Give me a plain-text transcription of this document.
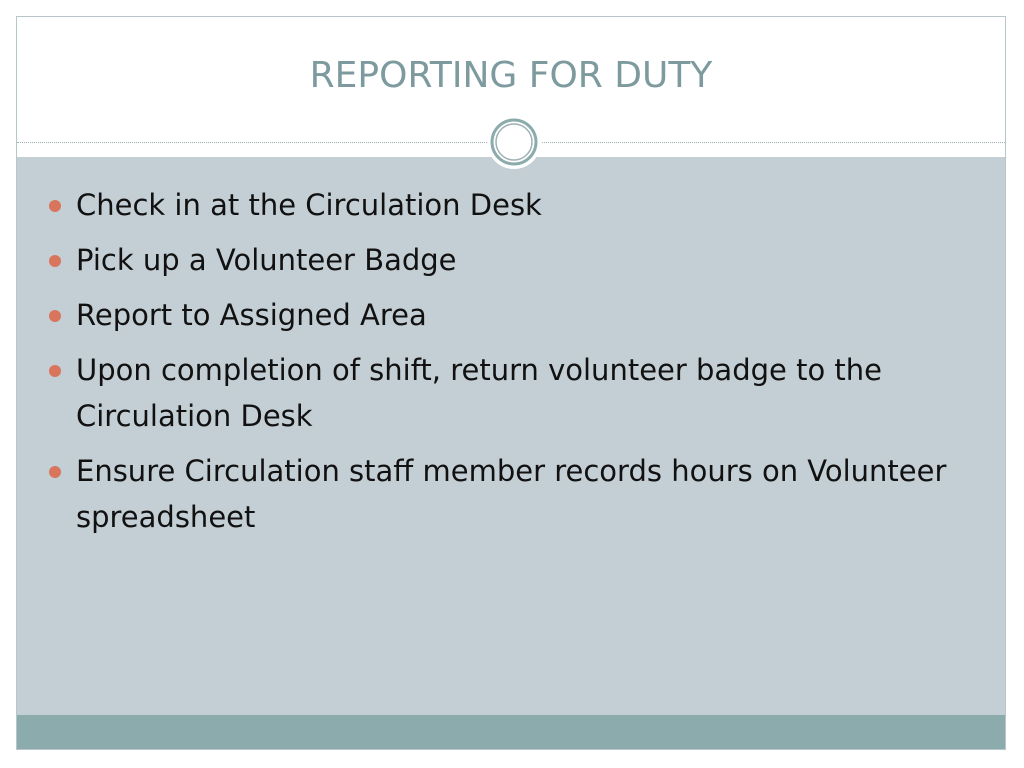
REPORTING FOR DUTY
Check in at the Circulation Desk
Pick up a Volunteer Badge
Report to Assigned Area
Upon completion of shift, return volunteer badge to the Circulation Desk
Ensure Circulation staff member records hours on Volunteer spreadsheet
